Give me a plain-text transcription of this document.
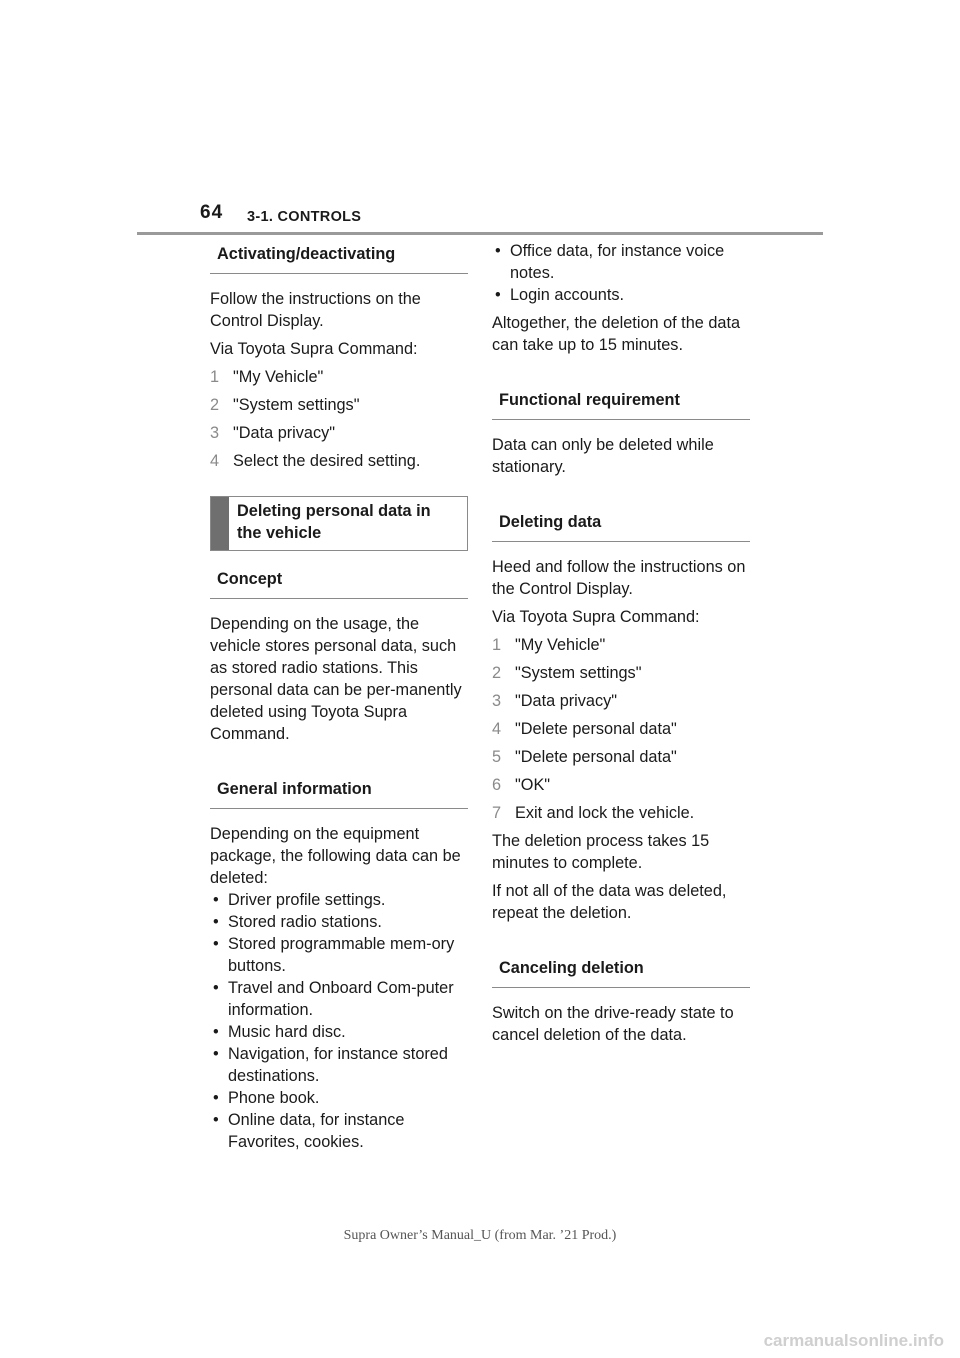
64 3-1. CONTROLS
Activating/deactivating

Follow the instructions on the Control Display.

Via Toyota Supra Command:

1 "My Vehicle"
2 "System settings"
3 "Data privacy"
4 Select the desired setting.
Deleting personal data in the vehicle
Concept

Depending on the usage, the vehicle stores personal data, such as stored radio stations. This personal data can be per-manently deleted using Toyota Supra Command.

General information

Depending on the equipment package, the following data can be deleted:

• Driver profile settings.
• Stored radio stations.
• Stored programmable mem-ory buttons.
• Travel and Onboard Com-puter information.
• Music hard disc.
• Navigation, for instance stored destinations.
• Phone book.
• Online data, for instance Favorites, cookies.
• Office data, for instance voice notes.
• Login accounts.

Altogether, the deletion of the data can take up to 15 minutes.

Functional requirement

Data can only be deleted while stationary.

Deleting data

Heed and follow the instructions on the Control Display.

Via Toyota Supra Command:

1 "My Vehicle"
2 "System settings"
3 "Data privacy"
4 "Delete personal data"
5 "Delete personal data"
6 "OK"
7 Exit and lock the vehicle.

The deletion process takes 15 minutes to complete.

If not all of the data was deleted, repeat the deletion.

Canceling deletion

Switch on the drive-ready state to cancel deletion of the data.

Supra Owner’s Manual_U (from Mar. ’21 Prod.)
carmanualsonline.info
